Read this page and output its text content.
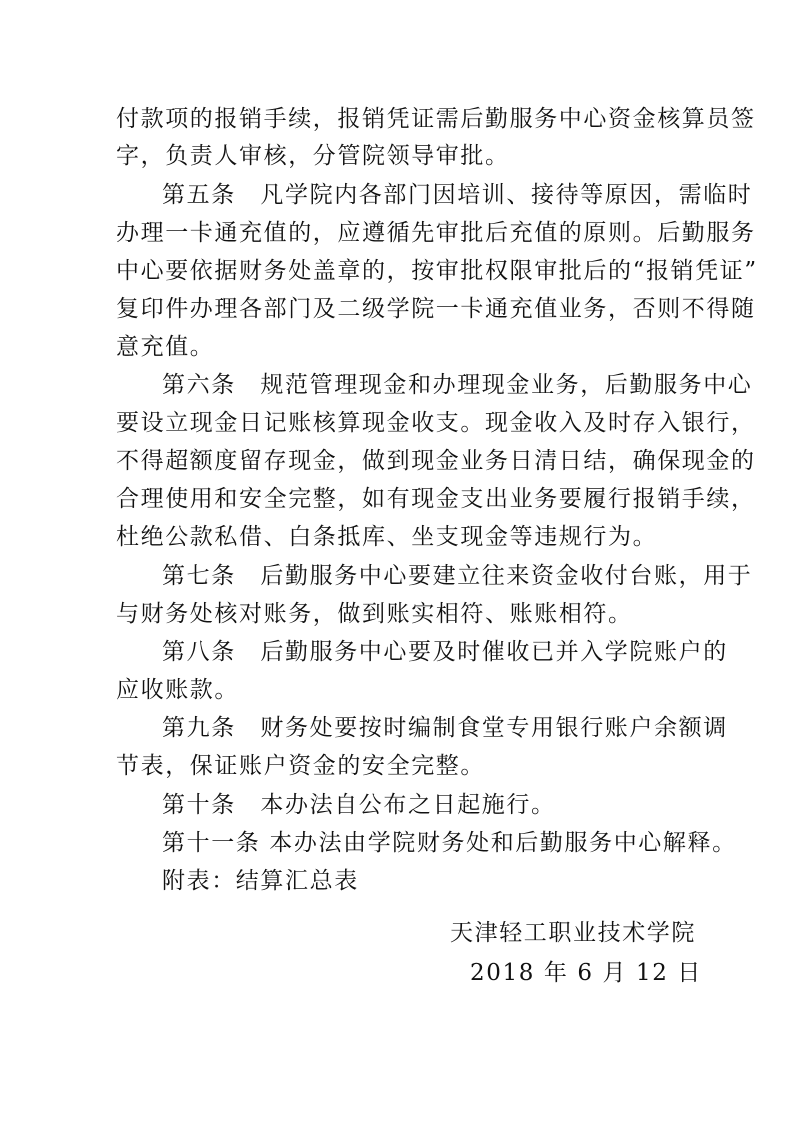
付款项的报销手续，报销凭证需后勤服务中心资金核算员签
字，负责人审核，分管院领导审批。
第五条　凡学院内各部门因培训、接待等原因，需临时
办理一卡通充值的，应遵循先审批后充值的原则。后勤服务
中心要依据财务处盖章的，按审批权限审批后的“报销凭证”
复印件办理各部门及二级学院一卡通充值业务，否则不得随
意充值。
第六条　规范管理现金和办理现金业务，后勤服务中心
要设立现金日记账核算现金收支。现金收入及时存入银行，
不得超额度留存现金，做到现金业务日清日结，确保现金的
合理使用和安全完整，如有现金支出业务要履行报销手续，
杜绝公款私借、白条抵库、坐支现金等违规行为。
第七条　后勤服务中心要建立往来资金收付台账，用于
与财务处核对账务，做到账实相符、账账相符。
第八条　后勤服务中心要及时催收已并入学院账户的
应收账款。
第九条　财务处要按时编制食堂专用银行账户余额调
节表，保证账户资金的安全完整。
第十条　本办法自公布之日起施行。
第十一条 本办法由学院财务处和后勤服务中心解释。
附表：结算汇总表
天津轻工职业技术学院
2018 年 6 月 12 日
